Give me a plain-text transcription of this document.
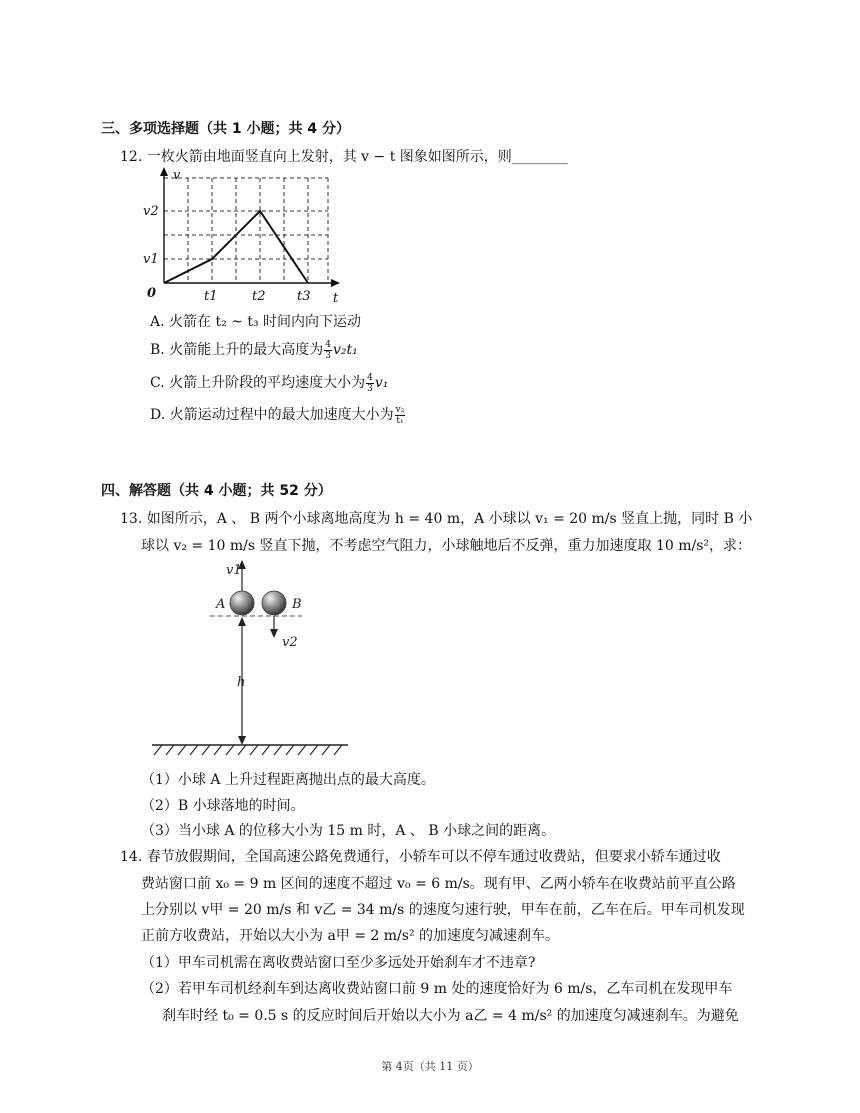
三、多项选择题（共 1 小题；共 4 分）
12. 一枚火箭由地面竖直向上发射，其 v − t 图象如图所示，则________
v
t
0
v2
v1
t1	t2 t3
A. 火箭在 t₂ ~ t₃ 时间内向下运动
B. 火箭能上升的最大高度为 $\frac{4}{3} v_2t_1$
C. 火箭上升阶段的平均速度大小为 $\frac{4}{3} v_1$
D. 火箭运动过程中的最大加速度大小为 $\frac{\text{v₂}}{\text{t₁}}$
四、解答题（共 4 小题；共 52 分）
13. 如图所示，A 、 B 两个小球离地高度为 h = 40 m，A 小球以 v₁ = 20 m/s 竖直上抛，同时 B 小
球以 v₂ = 10 m/s 竖直下抛，不考虑空气阻力，小球触地后不反弹，重力加速度取 10 m/s²，求：
v1
A	B
v2
h
（1）小球 A 上升过程距离抛出点的最大高度。
（2）B 小球落地的时间。
（3）当小球 A 的位移大小为 15 m 时，A 、 B 小球之间的距离。
14. 春节放假期间，全国高速公路免费通行，小轿车可以不停车通过收费站，但要求小轿车通过收
费站窗口前 x₀ = 9 m 区间的速度不超过 v₀ = 6 m/s。现有甲、乙两小轿车在收费站前平直公路
上分别以 v甲 = 20 m/s 和 v乙 = 34 m/s 的速度匀速行驶，甲车在前，乙车在后。甲车司机发现
正前方收费站，开始以大小为 a甲 = 2 m/s² 的加速度匀减速刹车。
（1）甲车司机需在离收费站窗口至少多远处开始刹车才不违章?
（2）若甲车司机经刹车到达离收费站窗口前 9 m 处的速度恰好为 6 m/s，乙车司机在发现甲车
刹车时经 t₀ = 0.5 s 的反应时间后开始以大小为 a乙 = 4 m/s² 的加速度匀减速刹车。为避免
第 4页（共 11 页）
